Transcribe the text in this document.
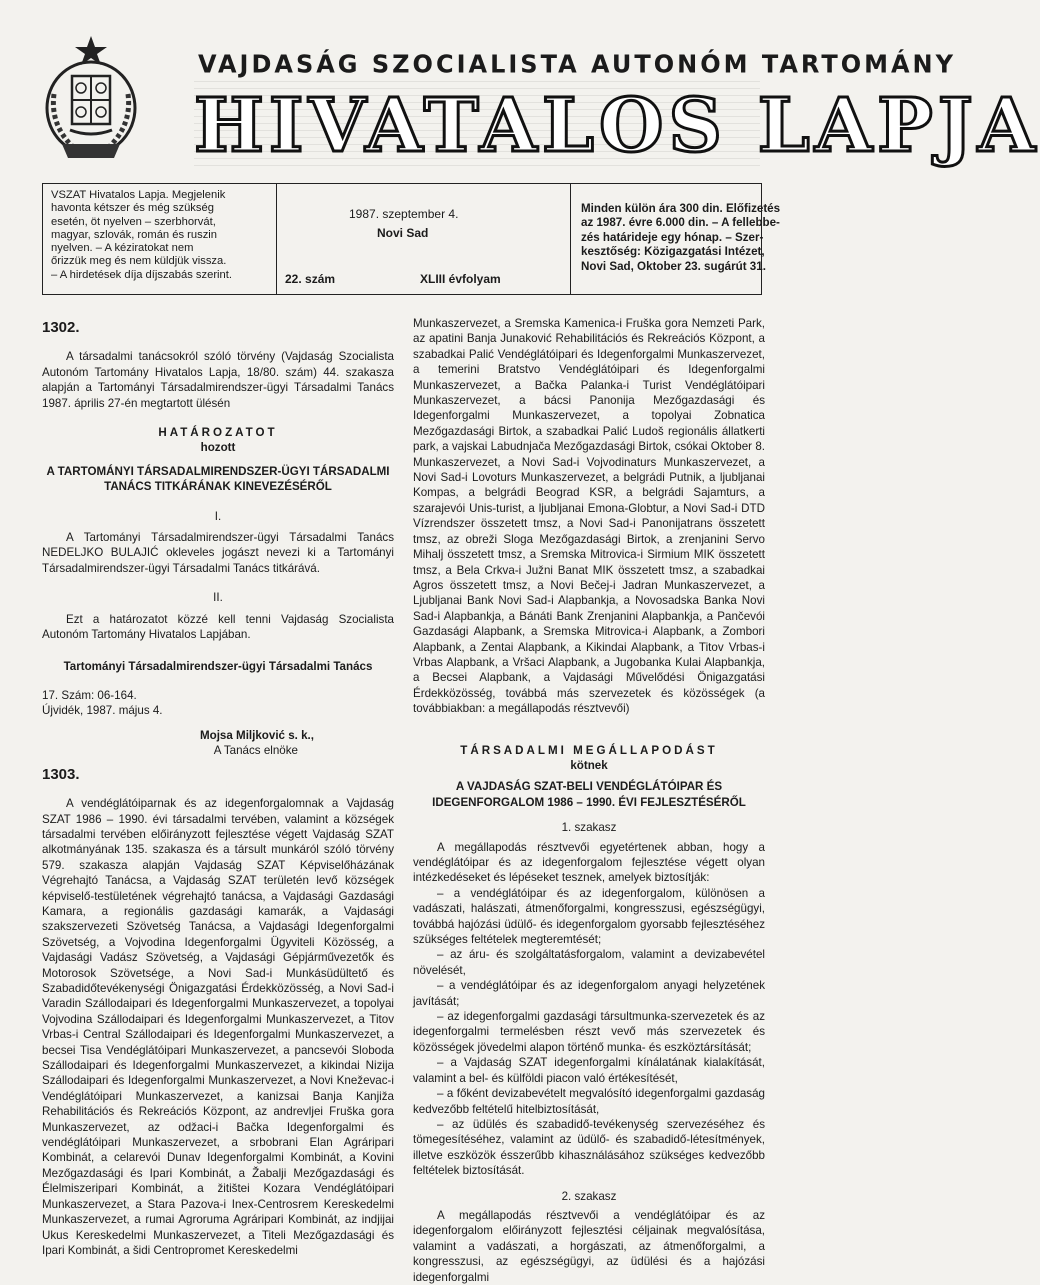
VAJDASÁG SZOCIALISTA AUTONÓM TARTOMÁNY
HIVATALOS LAPJA
VSZAT Hivatalos Lapja. Megjelenik
havonta kétszer és még szükség
esetén, öt nyelven – szerbhorvát,
magyar, szlovák, román és ruszin
nyelven. – A kéziratokat nem
őrizzük meg és nem küldjük vissza.
– A hirdetések díja díjszabás szerint.
1987. szeptember 4.
Novi Sad
22. szám	XLIII évfolyam
Minden külön ára 300 din. Előfizetés
az 1987. évre 6.000 din. – A fellebbe-
zés határideje egy hónap. – Szer-
kesztőség: Közigazgatási Intézet,
Novi Sad, Oktober 23. sugárút 31.
1302.

A társadalmi tanácsokról szóló törvény (Vajdaság Szocialista Autonóm Tartomány Hivatalos Lapja, 18/80. szám) 44. szakasza alapján a Tartományi Társadalmirendszer-ügyi Társadalmi Tanács 1987. április 27-én megtartott ülésén

HATÁROZATOT
hozott
A TARTOMÁNYI TÁRSADALMIRENDSZER-ÜGYI TÁRSADALMI TANÁCS TITKÁRÁNAK KINEVEZÉSÉRŐL
I.

A Tartományi Társadalmirendszer-ügyi Társadalmi Tanács NEDELJKO BULAJIĆ okleveles jogászt nevezi ki a Tartományi Társadalmirendszer-ügyi Társadalmi Tanács titkárává.

II.

Ezt a határozatot közzé kell tenni Vajdaság Szocialista Autonóm Tartomány Hivatalos Lapjában.

Tartományi Társadalmirendszer-ügyi Társadalmi Tanács
17. Szám: 06-164.
Újvidék, 1987. május 4.
Mojsa Miljković s. k.,
A Tanács elnöke
1303.

A vendéglátóiparnak és az idegenforgalomnak a Vajdaság SZAT 1986 – 1990. évi társadalmi tervében, valamint a községek társadalmi tervében előirányzott fejlesztése végett Vajdaság SZAT alkotmányának 135. szakasza és a társult munkáról szóló törvény 579. szakasza alapján Vajdaság SZAT Képviselőházának Végrehajtó Tanácsa, a Vajdaság SZAT területén levő községek képviselő-testületének végrehajtó tanácsa, a Vajdasági Gazdasági Kamara, a regionális gazdasági kamarák, a Vajdasági szakszervezeti Szövetség Tanácsa, a Vajdasági Idegenforgalmi Szövetség, a Vojvodina Idegenforgalmi Ügyviteli Közösség, a Vajdasági Vadász Szövetség, a Vajdasági Gépjárművezetők és Motorosok Szövetsége, a Novi Sad-i Munkásüdültető és Szabadidőtevékenységi Önigazgatási Érdekközösség, a Novi Sad-i Varadin Szállodaipari és Idegenforgalmi Munkaszervezet, a topolyai Vojvodina Szállodaipari és Idegenforgalmi Munkaszervezet, a Titov Vrbas-i Central Szállodaipari és Idegenforgalmi Munkaszervezet, a becsei Tisa Vendéglátóipari Munkaszervezet, a pancsevói Sloboda Szállodaipari és Idegenforgalmi Munkaszervezet, a kikindai Nizija Szállodaipari és Idegenforgalmi Munkaszervezet, a Novi Kneževac-i Vendéglátóipari Munkaszervezet, a kanizsai Banja Kanjiža Rehabilitációs és Rekreációs Központ, az andrevljei Fruška gora Munkaszervezet, az odžaci-i Bačka Idegenforgalmi és vendéglátóipari Munkaszervezet, a srbobrani Elan Agráripari Kombinát, a celarevói Dunav Idegenforgalmi Kombinát, a Kovini Mezőgazdasági és Ipari Kombinát, a Žabalji Mezőgazdasági és Élelmiszeripari Kombinát, a žitištei Kozara Vendéglátóipari Munkaszervezet, a Stara Pazova-i Inex-Centrosrem Kereskedelmi Munkaszervezet, a rumai Agroruma Agráripari Kombinát, az indjijai Ukus Kereskedelmi Munkaszervezet, a Titeli Mezőgazdasági és Ipari Kombinát, a šidi Centropromet Kereskedelmi

Munkaszervezet, a Sremska Kamenica-i Fruška gora Nemzeti Park, az apatini Banja Junaković Rehabilitációs és Rekreációs Központ, a szabadkai Palić Vendéglátóipari és Idegenforgalmi Munkaszervezet, a temerini Bratstvo Vendéglátóipari és Idegenforgalmi Munkaszervezet, a Bačka Palanka-i Turist Vendéglátóipari Munkaszervezet, a bácsi Panonija Mezőgazdasági és Idegenforgalmi Munkaszervezet, a topolyai Zobnatica Mezőgazdasági Birtok, a szabadkai Palić Ludoš regionális állatkerti park, a vajskai Labudnjača Mezőgazdasági Birtok, csókai Oktober 8. Munkaszervezet, a Novi Sad-i Vojvodinaturs Munkaszervezet, a Novi Sad-i Lovoturs Munkaszervezet, a belgrádi Putnik, a ljubljanai Kompas, a belgrádi Beograd KSR, a belgrádi Sajamturs, a szarajevói Unis-turist, a ljubljanai Emona-Globtur, a Novi Sad-i DTD Vízrendszer összetett tmsz, a Novi Sad-i Panonijatrans összetett tmsz, az obreži Sloga Mezőgazdasági Birtok, a zrenjanini Servo Mihalj összetett tmsz, a Sremska Mitrovica-i Sirmium MIK összetett tmsz, a Bela Crkva-i Južni Banat MIK összetett tmsz, a szabadkai Agros összetett tmsz, a Novi Bečej-i Jadran Munkaszervezet, a Ljubljanai Bank Novi Sad-i Alapbankja, a Novosadska Banka Novi Sad-i Alapbankja, a Bánáti Bank Zrenjanini Alapbankja, a Pančevói Gazdasági Alapbank, a Sremska Mitrovica-i Alapbank, a Zombori Alapbank, a Zentai Alapbank, a Kikindai Alapbank, a Titov Vrbas-i Vrbas Alapbank, a Vršaci Alapbank, a Jugobanka Kulai Alapbankja, a Becsei Alapbank, a Vajdasági Művelődési Önigazgatási Érdekközösség, továbbá más szervezetek és közösségek (a továbbiakban: a megállapodás résztvevői)

TÁRSADALMI MEGÁLLAPODÁST
kötnek
A VAJDASÁG SZAT-BELI VENDÉGLÁTÓIPAR ÉS IDEGENFORGALOM 1986 – 1990. ÉVI FEJLESZTÉSÉRŐL
1. szakasz

A megállapodás résztvevői egyetértenek abban, hogy a vendéglátóipar és az idegenforgalom fejlesztése végett olyan intézkedéseket és lépéseket tesznek, amelyek biztosítják:

– a vendéglátóipar és az idegenforgalom, különösen a vadászati, halászati, átmenőforgalmi, kongresszusi, egészségügyi, továbbá hajózási üdülő- és idegenforgalom gyorsabb fejlesztéséhez szükséges feltételek megteremtését;

– az áru- és szolgáltatásforgalom, valamint a devizabevétel növelését,

– a vendéglátóipar és az idegenforgalom anyagi helyzetének javítását;

– az idegenforgalmi gazdasági társultmunka-szervezetek és az idegenforgalmi termelésben részt vevő más szervezetek és közösségek jövedelmi alapon történő munka- és eszköztársítását;

– a Vajdaság SZAT idegenforgalmi kínálatának kialakítását, valamint a bel- és külföldi piacon való értékesítését,

– a főként devizabevételt megvalósító idegenforgalmi gazdaság kedvezőbb feltételű hitelbiztosítását,

– az üdülés és szabadidő-tevékenység szervezéséhez és tömegesítéséhez, valamint az üdülő- és szabadidő-létesítmények, illetve eszközök ésszerűbb kihasználásához szükséges kedvezőbb feltételek biztosítását.

2. szakasz

A megállapodás résztvevői a vendéglátóipar és az idegenforgalom előirányzott fejlesztési céljainak megvalósítása, valamint a vadászati, a horgászati, az átmenőforgalmi, a kongresszusi, az egészségügyi, az üdülési és a hajózási idegenforgalmi
